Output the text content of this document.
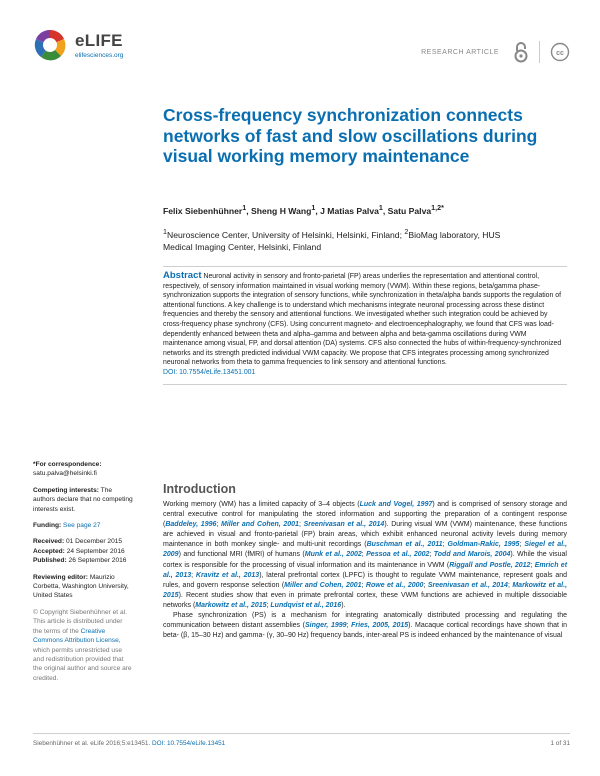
eLIFE
elifesciences.org	RESEARCH ARTICLE	cc
Cross-frequency synchronization connects networks of fast and slow oscillations during visual working memory maintenance
Felix Siebenhühner$^1$, Sheng H Wang$^1$, J Matias Palva$^1$, Satu Palva$^{1,2*}$
$^1$Neuroscience Center, University of Helsinki, Helsinki, Finland; $^2$BioMag laboratory, HUS Medical Imaging Center, Helsinki, Finland
Abstract Neuronal activity in sensory and fronto-parietal (FP) areas underlies the representation and attentional control, respectively, of sensory information maintained in visual working memory (VWM). Within these regions, beta/gamma phase-synchronization supports the integration of sensory functions, while synchronization in theta/alpha bands supports the regulation of attentional functions. A key challenge is to understand which mechanisms integrate neuronal processing across these distinct frequencies and thereby the sensory and attentional functions. We investigated whether such integration could be achieved by cross-frequency phase synchrony (CFS). Using concurrent magneto- and electroencephalography, we found that CFS was load-dependently enhanced between theta and alpha–gamma and between alpha and beta-gamma oscillations during VWM maintenance among visual, FP, and dorsal attention (DA) systems. CFS also connected the hubs of within-frequency-synchronized networks and its strength predicted individual VWM capacity. We propose that CFS integrates processing among synchronized neuronal networks from theta to gamma frequencies to link sensory and attentional functions.
DOI: 10.7554/eLife.13451.001
*For correspondence: satu.palva@helsinki.fi
Competing interests: The authors declare that no competing interests exist.
Funding: See page 27
Received: 01 December 2015
Accepted: 24 September 2016
Published: 26 September 2016
Reviewing editor: Maurizio Corbetta, Washington University, United States
© Copyright Siebenhühner et al. This article is distributed under the terms of the Creative Commons Attribution License, which permits unrestricted use and redistribution provided that the original author and source are credited.
Introduction

Working memory (WM) has a limited capacity of 3–4 objects (Luck and Vogel, 1997) and is comprised of sensory storage and central executive control for manipulating the stored information and supporting the preparation of a contingent response (Baddeley, 1996; Miller and Cohen, 2001; Sreenivasan et al., 2014). During visual WM (VWM) maintenance, these functions are achieved in visual and fronto-parietal (FP) brain areas, which exhibit enhanced neuronal activity levels during memory maintenance in both monkey single- and multi-unit recordings (Buschman et al., 2011; Goldman-Rakic, 1995; Siegel et al., 2009) and functional MRI (fMRI) of humans (Munk et al., 2002; Pessoa et al., 2002; Todd and Marois, 2004). While the visual cortex is responsible for the processing of visual information and its maintenance in VWM (Riggall and Postle, 2012; Emrich et al., 2013; Kravitz et al., 2013), lateral prefrontal cortex (LPFC) is thought to regulate VWM maintenance, represent goals and rules, and govern response selection (Miller and Cohen, 2001; Rowe et al., 2000; Sreenivasan et al., 2014; Markowitz et al., 2015). Recent studies show that even in primate prefrontal cortex, these VWM functions are achieved in multiple dissociable networks (Markowitz et al., 2015; Lundqvist et al., 2016).

Phase synchronization (PS) is a mechanism for integrating anatomically distributed processing and regulating the communication between distant assemblies (Singer, 1999; Fries, 2005, 2015). Macaque cortical recordings have shown that in beta- (β, 15–30 Hz) and gamma- (γ, 30–90 Hz) frequency bands, inter-areal PS is indeed enhanced by the maintenance of visual

Siebenhühner et al. eLife 2016;5:e13451. DOI: 10.7554/eLife.13451	1 of 31
